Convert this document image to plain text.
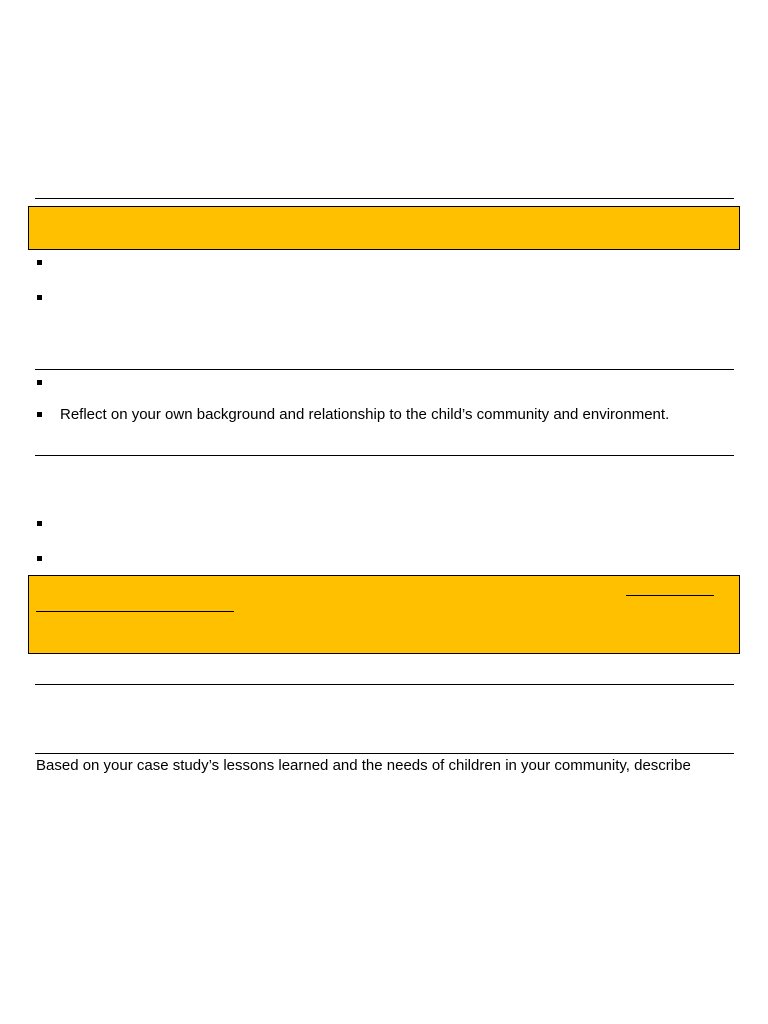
Reflect on your own background and relationship to the child’s community and environment.
Based on your case study’s lessons learned and the needs of children in your community, describe
